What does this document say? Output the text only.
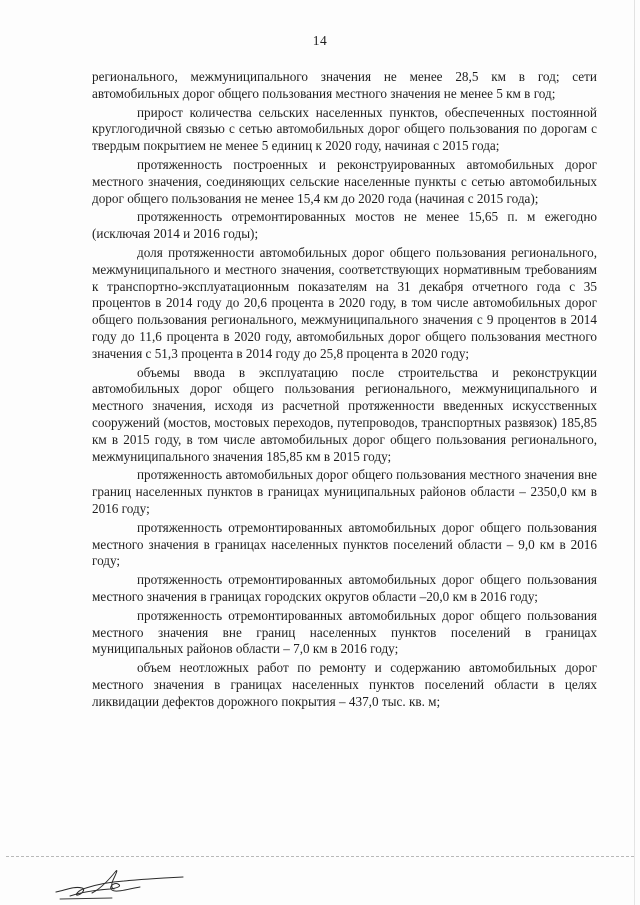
14

регионального, межмуниципального значения не менее 28,5 км в год; сети автомобильных дорог общего пользования местного значения не менее 5 км в год;

прирост количества сельских населенных пунктов, обеспеченных постоянной круглогодичной связью с сетью автомобильных дорог общего пользования по дорогам с твердым покрытием не менее 5 единиц к 2020 году, начиная с 2015 года;

протяженность построенных и реконструированных автомобильных дорог местного значения, соединяющих сельские населенные пункты с сетью автомобильных дорог общего пользования не менее 15,4 км до 2020 года (начиная с 2015 года);

протяженность отремонтированных мостов не менее 15,65 п. м ежегодно (исключая 2014 и 2016 годы);

доля протяженности автомобильных дорог общего пользования регионального, межмуниципального и местного значения, соответствующих нормативным требованиям к транспортно-эксплуатационным показателям на 31 декабря отчетного года с 35 процентов в 2014 году до 20,6 процента в 2020 году, в том числе автомобильных дорог общего пользования регионального, межмуниципального значения с 9 процентов в 2014 году до 11,6 процента в 2020 году, автомобильных дорог общего пользования местного значения с 51,3 процента в 2014 году до 25,8 процента в 2020 году;

объемы ввода в эксплуатацию после строительства и реконструкции автомобильных дорог общего пользования регионального, межмуниципального и местного значения, исходя из расчетной протяженности введенных искусственных сооружений (мостов, мостовых переходов, путепроводов, транспортных развязок) 185,85 км в 2015 году, в том числе автомобильных дорог общего пользования регионального, межмуниципального значения 185,85 км в 2015 году;

протяженность автомобильных дорог общего пользования местного значения вне границ населенных пунктов в границах муниципальных районов области – 2350,0 км в 2016 году;

протяженность отремонтированных автомобильных дорог общего пользования местного значения в границах населенных пунктов поселений области – 9,0 км в 2016 году;

протяженность отремонтированных автомобильных дорог общего пользования местного значения в границах городских округов области –20,0 км в 2016 году;

протяженность отремонтированных автомобильных дорог общего пользования местного значения вне границ населенных пунктов поселений в границах муниципальных районов области – 7,0 км в 2016 году;

объем неотложных работ по ремонту и содержанию автомобильных дорог местного значения в границах населенных пунктов поселений области в целях ликвидации дефектов дорожного покрытия – 437,0 тыс. кв. м;
